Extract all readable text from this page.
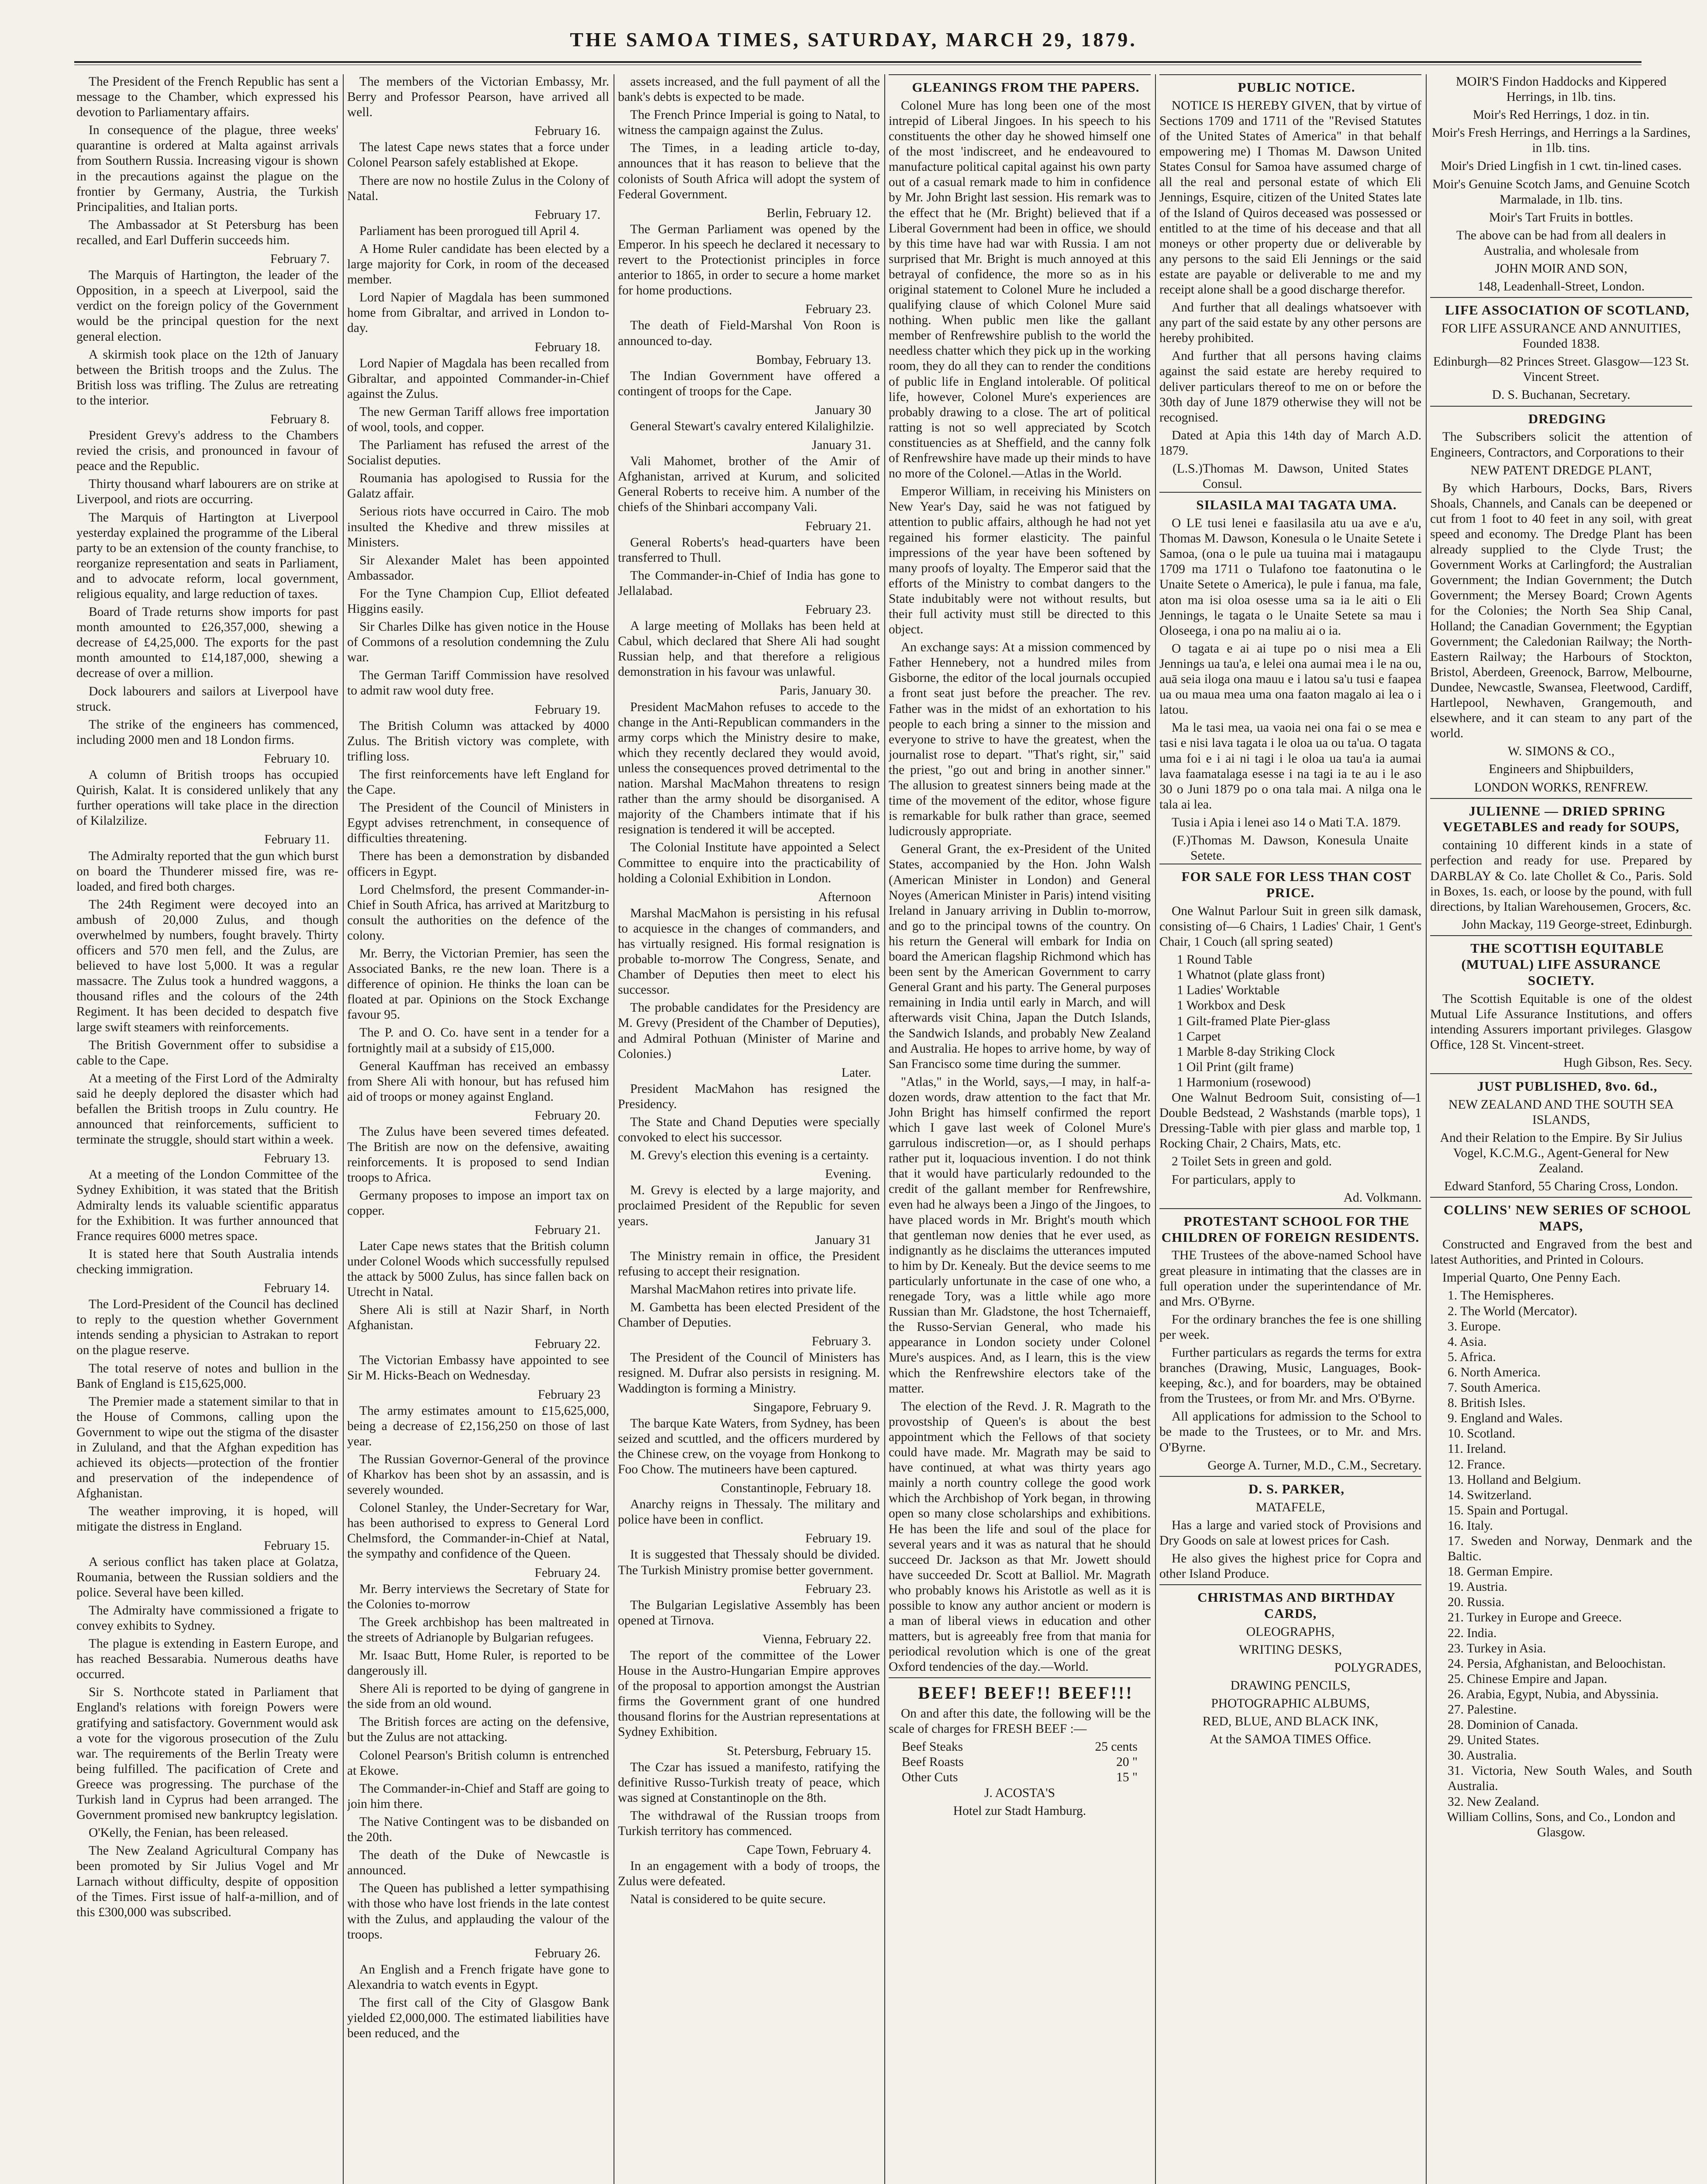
THE SAMOA TIMES, SATURDAY, MARCH 29, 1879.

The President of the French Republic has sent a message to the Chamber, which expressed his devotion to Parliamentary affairs.

In consequence of the plague, three weeks' quarantine is ordered at Malta against arrivals from Southern Russia. Increasing vigour is shown in the precautions against the plague on the frontier by Germany, Austria, the Turkish Principalities, and Italian ports.

The Ambassador at St Petersburg has been recalled, and Earl Dufferin succeeds him.

February 7.

The Marquis of Hartington, the leader of the Opposition, in a speech at Liverpool, said the verdict on the foreign policy of the Government would be the principal question for the next general election.

A skirmish took place on the 12th of January between the British troops and the Zulus. The British loss was trifling. The Zulus are retreating to the interior.

February 8.

President Grevy's address to the Chambers revied the crisis, and pronounced in favour of peace and the Republic.

Thirty thousand wharf labourers are on strike at Liverpool, and riots are occurring.

The Marquis of Hartington at Liverpool yesterday explained the programme of the Liberal party to be an extension of the county franchise, to reorganize representation and seats in Parliament, and to advocate reform, local government, religious equality, and large reduction of taxes.

Board of Trade returns show imports for past month amounted to £26,357,000, shewing a decrease of £4,25,000. The exports for the past month amounted to £14,187,000, shewing a decrease of over a million.

Dock labourers and sailors at Liverpool have struck.

The strike of the engineers has commenced, including 2000 men and 18 London firms.

February 10.

A column of British troops has occupied Quirish, Kalat. It is considered unlikely that any further operations will take place in the direction of Kilalzilize.

February 11.

The Admiralty reported that the gun which burst on board the Thunderer missed fire, was re-loaded, and fired both charges.

The 24th Regiment were decoyed into an ambush of 20,000 Zulus, and though overwhelmed by numbers, fought bravely. Thirty officers and 570 men fell, and the Zulus, are believed to have lost 5,000. It was a regular massacre. The Zulus took a hundred waggons, a thousand rifles and the colours of the 24th Regiment. It has been decided to despatch five large swift steamers with reinforcements.

The British Government offer to subsidise a cable to the Cape.

At a meeting of the First Lord of the Admiralty said he deeply deplored the disaster which had befallen the British troops in Zulu country. He announced that reinforcements, sufficient to terminate the struggle, should start within a week.

February 13.

At a meeting of the London Committee of the Sydney Exhibition, it was stated that the British Admiralty lends its valuable scientific apparatus for the Exhibition. It was further announced that France requires 6000 metres space.

It is stated here that South Australia intends checking immigration.

February 14.

The Lord-President of the Council has declined to reply to the question whether Government intends sending a physician to Astrakan to report on the plague reserve.

The total reserve of notes and bullion in the Bank of England is £15,625,000.

The Premier made a statement similar to that in the House of Commons, calling upon the Government to wipe out the stigma of the disaster in Zululand, and that the Afghan expedition has achieved its objects—protection of the frontier and preservation of the independence of Afghanistan.

The weather improving, it is hoped, will mitigate the distress in England.

February 15.

A serious conflict has taken place at Golatza, Roumania, between the Russian soldiers and the police. Several have been killed.

The Admiralty have commissioned a frigate to convey exhibits to Sydney.

The plague is extending in Eastern Europe, and has reached Bessarabia. Numerous deaths have occurred.

Sir S. Northcote stated in Parliament that England's relations with foreign Powers were gratifying and satisfactory. Government would ask a vote for the vigorous prosecution of the Zulu war. The requirements of the Berlin Treaty were being fulfilled. The pacification of Crete and Greece was progressing. The purchase of the Turkish land in Cyprus had been arranged. The Government promised new bankruptcy legislation.

O'Kelly, the Fenian, has been released.

The New Zealand Agricultural Company has been promoted by Sir Julius Vogel and Mr Larnach without difficulty, despite of opposition of the Times. First issue of half-a-million, and of this £300,000 was subscribed.

The members of the Victorian Embassy, Mr. Berry and Professor Pearson, have arrived all well.

February 16.

The latest Cape news states that a force under Colonel Pearson safely established at Ekope.

There are now no hostile Zulus in the Colony of Natal.

February 17.

Parliament has been prorogued till April 4.

A Home Ruler candidate has been elected by a large majority for Cork, in room of the deceased member.

Lord Napier of Magdala has been summoned home from Gibraltar, and arrived in London to-day.

February 18.

Lord Napier of Magdala has been recalled from Gibraltar, and appointed Commander-in-Chief against the Zulus.

The new German Tariff allows free importation of wool, tools, and copper.

The Parliament has refused the arrest of the Socialist deputies.

Roumania has apologised to Russia for the Galatz affair.

Serious riots have occurred in Cairo. The mob insulted the Khedive and threw missiles at Ministers.

Sir Alexander Malet has been appointed Ambassador.

For the Tyne Champion Cup, Elliot defeated Higgins easily.

Sir Charles Dilke has given notice in the House of Commons of a resolution condemning the Zulu war.

The German Tariff Commission have resolved to admit raw wool duty free.

February 19.

The British Column was attacked by 4000 Zulus. The British victory was complete, with trifling loss.

The first reinforcements have left England for the Cape.

The President of the Council of Ministers in Egypt advises retrenchment, in consequence of difficulties threatening.

There has been a demonstration by disbanded officers in Egypt.

Lord Chelmsford, the present Commander-in-Chief in South Africa, has arrived at Maritzburg to consult the authorities on the defence of the colony.

Mr. Berry, the Victorian Premier, has seen the Associated Banks, re the new loan. There is a difference of opinion. He thinks the loan can be floated at par. Opinions on the Stock Exchange favour 95.

The P. and O. Co. have sent in a tender for a fortnightly mail at a subsidy of £15,000.

General Kauffman has received an embassy from Shere Ali with honour, but has refused him aid of troops or money against England.

February 20.

The Zulus have been severed times defeated. The British are now on the defensive, awaiting reinforcements. It is proposed to send Indian troops to Africa.

Germany proposes to impose an import tax on copper.

February 21.

Later Cape news states that the British column under Colonel Woods which successfully repulsed the attack by 5000 Zulus, has since fallen back on Utrecht in Natal.

Shere Ali is still at Nazir Sharf, in North Afghanistan.

February 22.

The Victorian Embassy have appointed to see Sir M. Hicks-Beach on Wednesday.

February 23

The army estimates amount to £15,625,000, being a decrease of £2,156,250 on those of last year.

The Russian Governor-General of the province of Kharkov has been shot by an assassin, and is severely wounded.

Colonel Stanley, the Under-Secretary for War, has been authorised to express to General Lord Chelmsford, the Commander-in-Chief at Natal, the sympathy and confidence of the Queen.

February 24.

Mr. Berry interviews the Secretary of State for the Colonies to-morrow

The Greek archbishop has been maltreated in the streets of Adrianople by Bulgarian refugees.

Mr. Isaac Butt, Home Ruler, is reported to be dangerously ill.

Shere Ali is reported to be dying of gangrene in the side from an old wound.

The British forces are acting on the defensive, but the Zulus are not attacking.

Colonel Pearson's British column is entrenched at Ekowe.

The Commander-in-Chief and Staff are going to join him there.

The Native Contingent was to be disbanded on the 20th.

The death of the Duke of Newcastle is announced.

The Queen has published a letter sympathising with those who have lost friends in the late contest with the Zulus, and applauding the valour of the troops.

February 26.

An English and a French frigate have gone to Alexandria to watch events in Egypt.

The first call of the City of Glasgow Bank yielded £2,000,000. The estimated liabilities have been reduced, and the

assets increased, and the full payment of all the bank's debts is expected to be made.

The French Prince Imperial is going to Natal, to witness the campaign against the Zulus.

The Times, in a leading article to-day, announces that it has reason to believe that the colonists of South Africa will adopt the system of Federal Government.

Berlin, February 12.

The German Parliament was opened by the Emperor. In his speech he declared it necessary to revert to the Protectionist principles in force anterior to 1865, in order to secure a home market for home productions.

February 23.

The death of Field-Marshal Von Roon is announced to-day.

Bombay, February 13.

The Indian Government have offered a contingent of troops for the Cape.

January 30

General Stewart's cavalry entered Kilalighilzie.

January 31.

Vali Mahomet, brother of the Amir of Afghanistan, arrived at Kurum, and solicited General Roberts to receive him. A number of the chiefs of the Shinbari accompany Vali.

February 21.

General Roberts's head-quarters have been transferred to Thull.

The Commander-in-Chief of India has gone to Jellalabad.

February 23.

A large meeting of Mollaks has been held at Cabul, which declared that Shere Ali had sought Russian help, and that therefore a religious demonstration in his favour was unlawful.

Paris, January 30.

President MacMahon refuses to accede to the change in the Anti-Republican commanders in the army corps which the Ministry desire to make, which they recently declared they would avoid, unless the consequences proved detrimental to the nation. Marshal MacMahon threatens to resign rather than the army should be disorganised. A majority of the Chambers intimate that if his resignation is tendered it will be accepted.

The Colonial Institute have appointed a Select Committee to enquire into the practicability of holding a Colonial Exhibition in London.

Afternoon

Marshal MacMahon is persisting in his refusal to acquiesce in the changes of commanders, and has virtually resigned. His formal resignation is probable to-morrow The Congress, Senate, and Chamber of Deputies then meet to elect his successor.

The probable candidates for the Presidency are M. Grevy (President of the Chamber of Deputies), and Admiral Pothuan (Minister of Marine and Colonies.)

Later.

President MacMahon has resigned the Presidency.

The State and Chand Deputies were specially convoked to elect his successor.

M. Grevy's election this evening is a certainty.

Evening.

M. Grevy is elected by a large majority, and proclaimed President of the Republic for seven years.

January 31

The Ministry remain in office, the President refusing to accept their resignation.

Marshal MacMahon retires into private life.

M. Gambetta has been elected President of the Chamber of Deputies.

February 3.

The President of the Council of Ministers has resigned. M. Dufrar also persists in resigning. M. Waddington is forming a Ministry.

Singapore, February 9.

The barque Kate Waters, from Sydney, has been seized and scuttled, and the officers murdered by the Chinese crew, on the voyage from Honkong to Foo Chow. The mutineers have been captured.

Constantinople, February 18.

Anarchy reigns in Thessaly. The military and police have been in conflict.

February 19.

It is suggested that Thessaly should be divided. The Turkish Ministry promise better government.

February 23.

The Bulgarian Legislative Assembly has been opened at Tirnova.

Vienna, February 22.

The report of the committee of the Lower House in the Austro-Hungarian Empire approves of the proposal to apportion amongst the Austrian firms the Government grant of one hundred thousand florins for the Austrian representations at Sydney Exhibition.

St. Petersburg, February 15.

The Czar has issued a manifesto, ratifying the definitive Russo-Turkish treaty of peace, which was signed at Constantinople on the 8th.

The withdrawal of the Russian troops from Turkish territory has commenced.

Cape Town, February 4.

In an engagement with a body of troops, the Zulus were defeated.

Natal is considered to be quite secure.

GLEANINGS FROM THE PAPERS.

Colonel Mure has long been one of the most intrepid of Liberal Jingoes. In his speech to his constituents the other day he showed himself one of the most 'indiscreet, and he endeavoured to manufacture political capital against his own party out of a casual remark made to him in confidence by Mr. John Bright last session. His remark was to the effect that he (Mr. Bright) believed that if a Liberal Government had been in office, we should by this time have had war with Russia. I am not surprised that Mr. Bright is much annoyed at this betrayal of confidence, the more so as in his original statement to Colonel Mure he included a qualifying clause of which Colonel Mure said nothing. When public men like the gallant member of Renfrewshire publish to the world the needless chatter which they pick up in the working room, they do all they can to render the conditions of public life in England intolerable. Of political life, however, Colonel Mure's experiences are probably drawing to a close. The art of political ratting is not so well appreciated by Scotch constituencies as at Sheffield, and the canny folk of Renfrewshire have made up their minds to have no more of the Colonel.—Atlas in the World.

Emperor William, in receiving his Ministers on New Year's Day, said he was not fatigued by attention to public affairs, although he had not yet regained his former elasticity. The painful impressions of the year have been softened by many proofs of loyalty. The Emperor said that the efforts of the Ministry to combat dangers to the State indubitably were not without results, but their full activity must still be directed to this object.

An exchange says: At a mission commenced by Father Hennebery, not a hundred miles from Gisborne, the editor of the local journals occupied a front seat just before the preacher. The rev. Father was in the midst of an exhortation to his people to each bring a sinner to the mission and everyone to strive to have the greatest, when the journalist rose to depart. "That's right, sir," said the priest, "go out and bring in another sinner." The allusion to greatest sinners being made at the time of the movement of the editor, whose figure is remarkable for bulk rather than grace, seemed ludicrously appropriate.

General Grant, the ex-President of the United States, accompanied by the Hon. John Walsh (American Minister in London) and General Noyes (American Minister in Paris) intend visiting Ireland in January arriving in Dublin to-morrow, and go to the principal towns of the country. On his return the General will embark for India on board the American flagship Richmond which has been sent by the American Government to carry General Grant and his party. The General purposes remaining in India until early in March, and will afterwards visit China, Japan the Dutch Islands, the Sandwich Islands, and probably New Zealand and Australia. He hopes to arrive home, by way of San Francisco some time during the summer.

"Atlas," in the World, says,—I may, in half-a-dozen words, draw attention to the fact that Mr. John Bright has himself confirmed the report which I gave last week of Colonel Mure's garrulous indiscretion—or, as I should perhaps rather put it, loquacious invention. I do not think that it would have particularly redounded to the credit of the gallant member for Renfrewshire, even had he always been a Jingo of the Jingoes, to have placed words in Mr. Bright's mouth which that gentleman now denies that he ever used, as indignantly as he disclaims the utterances imputed to him by Dr. Kenealy. But the device seems to me particularly unfortunate in the case of one who, a renegade Tory, was a little while ago more Russian than Mr. Gladstone, the host Tchernaieff, the Russo-Servian General, who made his appearance in London society under Colonel Mure's auspices. And, as I learn, this is the view which the Renfrewshire electors take of the matter.

The election of the Revd. J. R. Magrath to the provostship of Queen's is about the best appointment which the Fellows of that society could have made. Mr. Magrath may be said to have continued, at what was thirty years ago mainly a north country college the good work which the Archbishop of York began, in throwing open so many close scholarships and exhibitions. He has been the life and soul of the place for several years and it was as natural that he should succeed Dr. Jackson as that Mr. Jowett should have succeeded Dr. Scott at Balliol. Mr. Magrath who probably knows his Aristotle as well as it is possible to know any author ancient or modern is a man of liberal views in education and other matters, but is agreeably free from that mania for periodical revolution which is one of the great Oxford tendencies of the day.—World.

BEEF! BEEF!! BEEF!!!

On and after this date, the following will be the scale of charges for FRESH BEEF :—

Beef Steaks	25 cents
Beef Roasts	20 "
Other Cuts	15 "

J. ACOSTA'S

Hotel zur Stadt Hamburg.

PUBLIC NOTICE.

NOTICE IS HEREBY GIVEN, that by virtue of Sections 1709 and 1711 of the "Revised Statutes of the United States of America" in that behalf empowering me) I Thomas M. Dawson United States Consul for Samoa have assumed charge of all the real and personal estate of which Eli Jennings, Esquire, citizen of the United States late of the Island of Quiros deceased was possessed or entitled to at the time of his decease and that all moneys or other property due or deliverable by any persons to the said Eli Jennings or the said estate are payable or deliverable to me and my receipt alone shall be a good discharge therefor.

And further that all dealings whatsoever with any part of the said estate by any other persons are hereby prohibited.

And further that all persons having claims against the said estate are hereby required to deliver particulars thereof to me on or before the 30th day of June 1879 otherwise they will not be recognised.

Dated at Apia this 14th day of March A.D. 1879.

(L.S.) Thomas M. Dawson, United States Consul.

SILASILA MAI TAGATA UMA.

O LE tusi lenei e faasilasila atu ua ave e a'u, Thomas M. Dawson, Konesula o le Unaite Setete i Samoa, (ona o le pule ua tuuina mai i matagaupu 1709 ma 1711 o Tulafono toe faatonutina o le Unaite Setete o America), le pule i fanua, ma fale, aton ma isi oloa osesse uma sa ia le aiti o Eli Jennings, le tagata o le Unaite Setete sa mau i Oloseega, i ona po na maliu ai o ia.

O tagata e ai ai tupe po o nisi mea a Eli Jennings ua tau'a, e lelei ona aumai mea i le na ou, auā seia iloga ona mauu e i latou sa'u tusi e faapea ua ou maua mea uma ona faaton magalo ai lea o i latou.

Ma le tasi mea, ua vaoia nei ona fai o se mea e tasi e nisi lava tagata i le oloa ua ou ta'ua. O tagata uma foi e i ai ni tagi i le oloa ua tau'a ia aumai lava faamatalaga esesse i na tagi ia te au i le aso 30 o Juni 1879 po o ona tala mai. A nilga ona le tala ai lea.

Tusia i Apia i lenei aso 14 o Mati T.A. 1879.

(F.) Thomas M. Dawson, Konesula Unaite Setete.

FOR SALE FOR LESS THAN COST PRICE.

One Walnut Parlour Suit in green silk damask, consisting of—6 Chairs, 1 Ladies' Chair, 1 Gent's Chair, 1 Couch (all spring seated)

1 Round Table
1 Whatnot (plate glass front)
1 Ladies' Worktable
1 Workbox and Desk
1 Gilt-framed Plate Pier-glass
1 Carpet
1 Marble 8-day Striking Clock
1 Oil Print (gilt frame)
1 Harmonium (rosewood)

One Walnut Bedroom Suit, consisting of—1 Double Bedstead, 2 Washstands (marble tops), 1 Dressing-Table with pier glass and marble top, 1 Rocking Chair, 2 Chairs, Mats, etc.

2 Toilet Sets in green and gold.

For particulars, apply to

Ad. Volkmann.

PROTESTANT SCHOOL FOR THE CHILDREN OF FOREIGN RESIDENTS.

THE Trustees of the above-named School have great pleasure in intimating that the classes are in full operation under the superintendance of Mr. and Mrs. O'Byrne.

For the ordinary branches the fee is one shilling per week.

Further particulars as regards the terms for extra branches (Drawing, Music, Languages, Book-keeping, &c.), and for boarders, may be obtained from the Trustees, or from Mr. and Mrs. O'Byrne.

All applications for admission to the School to be made to the Trustees, or to Mr. and Mrs. O'Byrne.

George A. Turner, M.D., C.M., Secretary.

D. S. PARKER,

MATAFELE,

Has a large and varied stock of Provisions and Dry Goods on sale at lowest prices for Cash.

He also gives the highest price for Copra and other Island Produce.

CHRISTMAS AND BIRTHDAY CARDS,

OLEOGRAPHS,

WRITING DESKS,

POLYGRADES,

DRAWING PENCILS,

PHOTOGRAPHIC ALBUMS,

RED, BLUE, AND BLACK INK,

At the SAMOA TIMES Office.

MOIR'S Findon Haddocks and Kippered Herrings, in 1lb. tins.

Moir's Red Herrings, 1 doz. in tin.

Moir's Fresh Herrings, and Herrings a la Sardines, in 1lb. tins.

Moir's Dried Lingfish in 1 cwt. tin-lined cases.

Moir's Genuine Scotch Jams, and Genuine Scotch Marmalade, in 1lb. tins.

Moir's Tart Fruits in bottles.

The above can be had from all dealers in Australia, and wholesale from

JOHN MOIR AND SON,

148, Leadenhall-Street, London.

LIFE ASSOCIATION OF SCOTLAND,

FOR LIFE ASSURANCE AND ANNUITIES, Founded 1838.

Edinburgh—82 Princes Street. Glasgow—123 St. Vincent Street.

D. S. Buchanan, Secretary.

DREDGING

The Subscribers solicit the attention of Engineers, Contractors, and Corporations to their

NEW PATENT DREDGE PLANT,

By which Harbours, Docks, Bars, Rivers Shoals, Channels, and Canals can be deepened or cut from 1 foot to 40 feet in any soil, with great speed and economy. The Dredge Plant has been already supplied to the Clyde Trust; the Government Works at Carlingford; the Australian Government; the Indian Government; the Dutch Government; the Mersey Board; Crown Agents for the Colonies; the North Sea Ship Canal, Holland; the Canadian Government; the Egyptian Government; the Caledonian Railway; the North-Eastern Railway; the Harbours of Stockton, Bristol, Aberdeen, Greenock, Barrow, Melbourne, Dundee, Newcastle, Swansea, Fleetwood, Cardiff, Hartlepool, Newhaven, Grangemouth, and elsewhere, and it can steam to any part of the world.

W. SIMONS & CO.,

Engineers and Shipbuilders,

LONDON WORKS, RENFREW.

JULIENNE — DRIED SPRING VEGETABLES and ready for SOUPS,

containing 10 different kinds in a state of perfection and ready for use. Prepared by DARBLAY & Co. late Chollet & Co., Paris. Sold in Boxes, 1s. each, or loose by the pound, with full directions, by Italian Warehousemen, Grocers, &c.

John Mackay, 119 George-street, Edinburgh.

THE SCOTTISH EQUITABLE (MUTUAL) LIFE ASSURANCE SOCIETY.

The Scottish Equitable is one of the oldest Mutual Life Assurance Institutions, and offers intending Assurers important privileges. Glasgow Office, 128 St. Vincent-street.

Hugh Gibson, Res. Secy.

JUST PUBLISHED, 8vo. 6d.,

NEW ZEALAND AND THE SOUTH SEA ISLANDS,

And their Relation to the Empire. By Sir Julius Vogel, K.C.M.G., Agent-General for New Zealand.

Edward Stanford, 55 Charing Cross, London.

COLLINS' NEW SERIES OF SCHOOL MAPS,

Constructed and Engraved from the best and latest Authorities, and Printed in Colours.

Imperial Quarto, One Penny Each.

1. The Hemispheres.
2. The World (Mercator).
3. Europe.
4. Asia.
5. Africa.
6. North America.
7. South America.
8. British Isles.
9. England and Wales.
10. Scotland.
11. Ireland.
12. France.
13. Holland and Belgium.
14. Switzerland.
15. Spain and Portugal.
16. Italy.
17. Sweden and Norway, Denmark and the Baltic.
18. German Empire.
19. Austria.
20. Russia.
21. Turkey in Europe and Greece.
22. India.
23. Turkey in Asia.
24. Persia, Afghanistan, and Beloochistan.
25. Chinese Empire and Japan.
26. Arabia, Egypt, Nubia, and Abyssinia.
27. Palestine.
28. Dominion of Canada.
29. United States.
30. Australia.
31. Victoria, New South Wales, and South Australia.
32. New Zealand.

William Collins, Sons, and Co., London and Glasgow.
